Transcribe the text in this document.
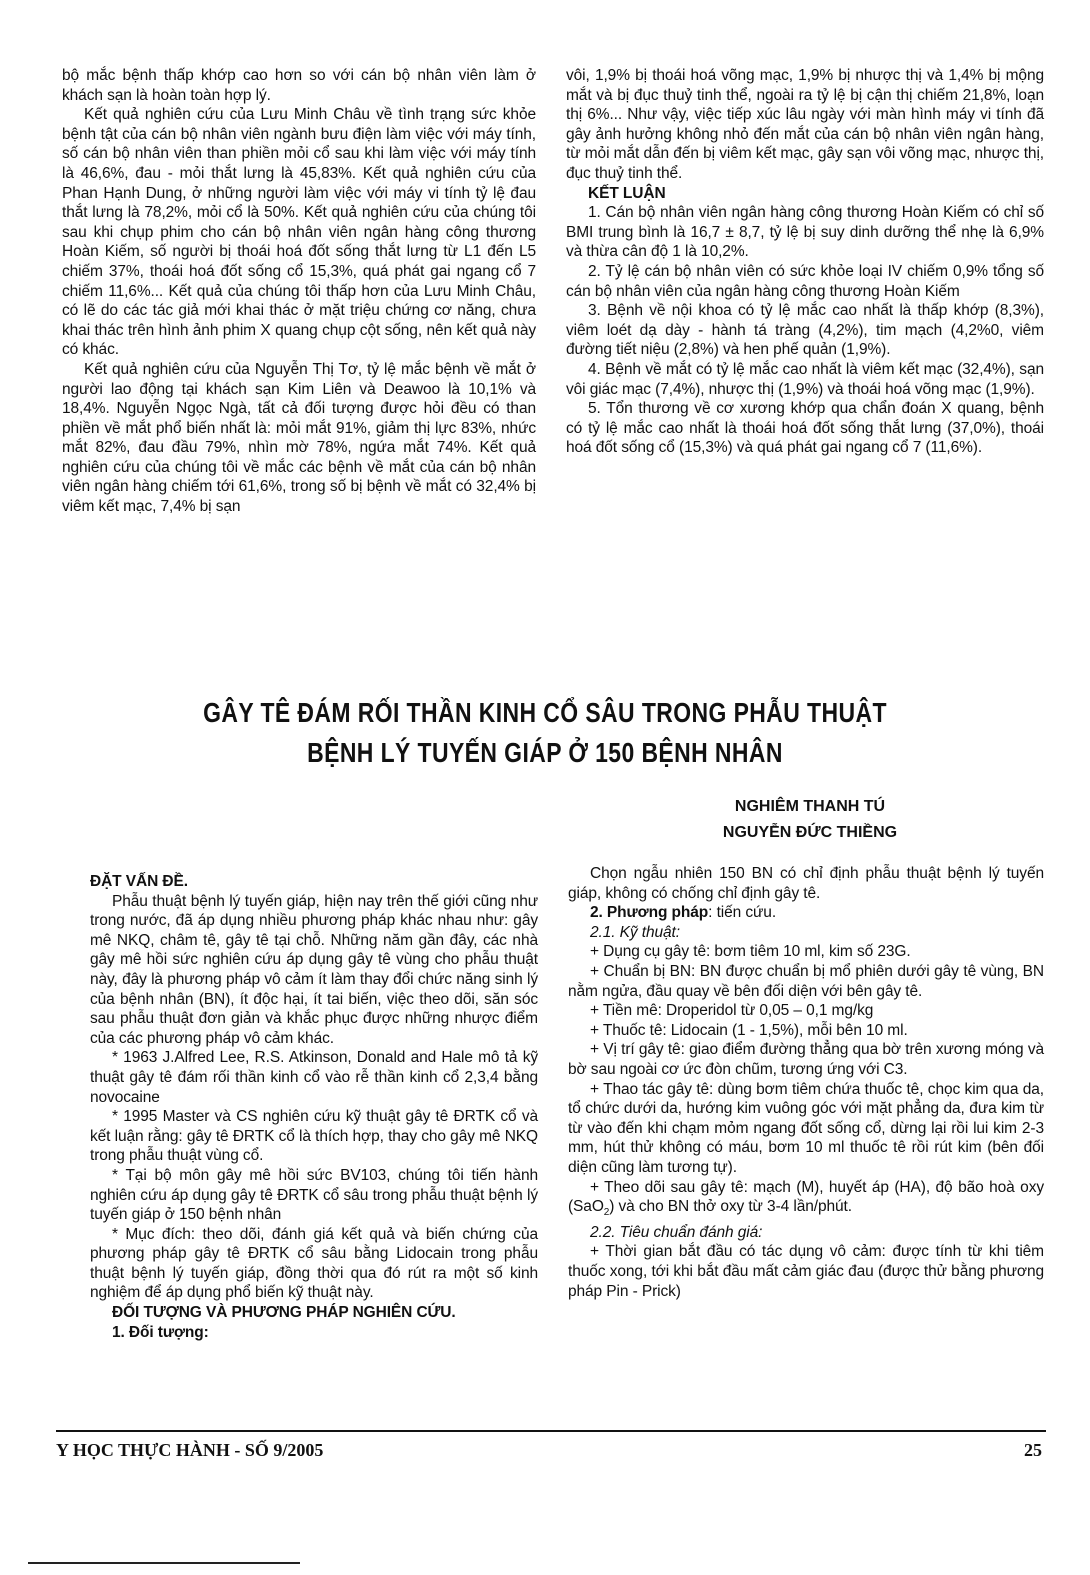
bộ mắc bệnh thấp khớp cao hơn so với cán bộ nhân viên làm ở khách sạn là hoàn toàn hợp lý.

Kết quả nghiên cứu của Lưu Minh Châu về tình trạng sức khỏe bệnh tật của cán bộ nhân viên ngành bưu điện làm việc với máy tính, số cán bộ nhân viên than phiền mỏi cổ sau khi làm việc với máy tính là 46,6%, đau - mỏi thắt lưng là 45,83%. Kết quả nghiên cứu của Phan Hạnh Dung, ở những người làm việc với máy vi tính tỷ lệ đau thắt lưng là 78,2%, mỏi cổ là 50%. Kết quả nghiên cứu của chúng tôi sau khi chụp phim cho cán bộ nhân viên ngân hàng công thương Hoàn Kiếm, số người bị thoái hoá đốt sống thắt lưng từ L1 đến L5 chiếm 37%, thoái hoá đốt sống cổ 15,3%, quá phát gai ngang cổ 7 chiếm 11,6%... Kết quả của chúng tôi thấp hơn của Lưu Minh Châu, có lẽ do các tác giả mới khai thác ở mặt triệu chứng cơ năng, chưa khai thác trên hình ảnh phim X quang chụp cột sống, nên kết quả này có khác.

Kết quả nghiên cứu của Nguyễn Thị Tơ, tỷ lệ mắc bệnh về mắt ở người lao động tại khách sạn Kim Liên và Deawoo là 10,1% và 18,4%. Nguyễn Ngọc Ngà, tất cả đối tượng được hỏi đều có than phiền về mắt phổ biến nhất là: mỏi mắt 91%, giảm thị lực 83%, nhức mắt 82%, đau đầu 79%, nhìn mờ 78%, ngứa mắt 74%. Kết quả nghiên cứu của chúng tôi về mắc các bệnh về mắt của cán bộ nhân viên ngân hàng chiếm tới 61,6%, trong số bị bệnh về mắt có 32,4% bị viêm kết mạc, 7,4% bị sạn

vôi, 1,9% bị thoái hoá võng mạc, 1,9% bị nhược thị và 1,4% bị mộng mắt và bị đục thuỷ tinh thể, ngoài ra tỷ lệ bị cận thị chiếm 21,8%, loạn thị 6%... Như vậy, việc tiếp xúc lâu ngày với màn hình máy vi tính đã gây ảnh hưởng không nhỏ đến mắt của cán bộ nhân viên ngân hàng, từ mỏi mắt dẫn đến bị viêm kết mạc, gây sạn vôi võng mạc, nhược thị, đục thuỷ tinh thể.

KẾT LUẬN

1. Cán bộ nhân viên ngân hàng công thương Hoàn Kiếm có chỉ số BMI trung bình là 16,7 ± 8,7, tỷ lệ bị suy dinh dưỡng thể nhẹ là 6,9% và thừa cân độ 1 là 10,2%.

2. Tỷ lệ cán bộ nhân viên có sức khỏe loại IV chiếm 0,9% tổng số cán bộ nhân viên của ngân hàng công thương Hoàn Kiếm

3. Bệnh về nội khoa có tỷ lệ mắc cao nhất là thấp khớp (8,3%), viêm loét dạ dày - hành tá tràng (4,2%), tim mạch (4,2%0, viêm đường tiết niệu (2,8%) và hen phế quản (1,9%).

4. Bệnh về mắt có tỷ lệ mắc cao nhất là viêm kết mạc (32,4%), sạn vôi giác mạc (7,4%), nhược thị (1,9%) và thoái hoá võng mạc (1,9%).

5. Tổn thương về cơ xương khớp qua chẩn đoán X quang, bệnh có tỷ lệ mắc cao nhất là thoái hoá đốt sống thắt lưng (37,0%), thoái hoá đốt sống cổ (15,3%) và quá phát gai ngang cổ 7 (11,6%).

GÂY TÊ ĐÁM RỐI THẦN KINH CỔ SÂU TRONG PHẪU THUẬT

BỆNH LÝ TUYẾN GIÁP Ở 150 BỆNH NHÂN

NGHIÊM THANH TÚ

NGUYỄN ĐỨC THIỀNG

ĐẶT VẤN ĐỀ.

Phẫu thuật bệnh lý tuyến giáp, hiện nay trên thế giới cũng như trong nước, đã áp dụng nhiều phương pháp khác nhau như: gây mê NKQ, châm tê, gây tê tại chỗ. Những năm gần đây, các nhà gây mê hồi sức nghiên cứu áp dụng gây tê vùng cho phẫu thuật này, đây là phương pháp vô cảm ít làm thay đổi chức năng sinh lý của bệnh nhân (BN), ít độc hại, ít tai biến, việc theo dõi, săn sóc sau phẫu thuật đơn giản và khắc phục được những nhược điểm của các phương pháp vô cảm khác.

* 1963 J.Alfred Lee, R.S. Atkinson, Donald and Hale mô tả kỹ thuật gây tê đám rối thần kinh cổ vào rễ thần kinh cổ 2,3,4 bằng novocaine

* 1995 Master và CS nghiên cứu kỹ thuật gây tê ĐRTK cổ và kết luận rằng: gây tê ĐRTK cổ là thích hợp, thay cho gây mê NKQ trong phẫu thuật vùng cổ.

* Tại bộ môn gây mê hồi sức BV103, chúng tôi tiến hành nghiên cứu áp dụng gây tê ĐRTK cổ sâu trong phẫu thuật bệnh lý tuyến giáp ở 150 bệnh nhân

* Mục đích: theo dõi, đánh giá kết quả và biến chứng của phương pháp gây tê ĐRTK cổ sâu bằng Lidocain trong phẫu thuật bệnh lý tuyến giáp, đồng thời qua đó rút ra một số kinh nghiệm để áp dụng phổ biến kỹ thuật này.

ĐỐI TƯỢNG VÀ PHƯƠNG PHÁP NGHIÊN CỨU.

1. Đối tượng:

Chọn ngẫu nhiên 150 BN có chỉ định phẫu thuật bệnh lý tuyến giáp, không có chống chỉ định gây tê.

2. Phương pháp: tiến cứu.

2.1. Kỹ thuật:

+ Dụng cụ gây tê: bơm tiêm 10 ml, kim số 23G.

+ Chuẩn bị BN: BN được chuẩn bị mổ phiên dưới gây tê vùng, BN nằm ngửa, đầu quay về bên đối diện với bên gây tê.

+ Tiền mê: Droperidol từ 0,05 – 0,1 mg/kg

+ Thuốc tê: Lidocain (1 - 1,5%), mỗi bên 10 ml.

+ Vị trí gây tê: giao điểm đường thẳng qua bờ trên xương móng và bờ sau ngoài cơ ức đòn chũm, tương ứng với C3.

+ Thao tác gây tê: dùng bơm tiêm chứa thuốc tê, chọc kim qua da, tổ chức dưới da, hướng kim vuông góc với mặt phẳng da, đưa kim từ từ vào đến khi chạm mỏm ngang đốt sống cổ, dừng lại rồi lui kim 2-3 mm, hút thử không có máu, bơm 10 ml thuốc tê rồi rút kim (bên đối diện cũng làm tương tự).

+ Theo dõi sau gây tê: mạch (M), huyết áp (HA), độ bão hoà oxy (SaO$_2$) và cho BN thở oxy từ 3-4 lần/phút.

2.2. Tiêu chuẩn đánh giá:

+ Thời gian bắt đầu có tác dụng vô cảm: được tính từ khi tiêm thuốc xong, tới khi bắt đầu mất cảm giác đau (được thử bằng phương pháp Pin - Prick)

Y HỌC THỰC HÀNH - SỐ 9/2005	25
